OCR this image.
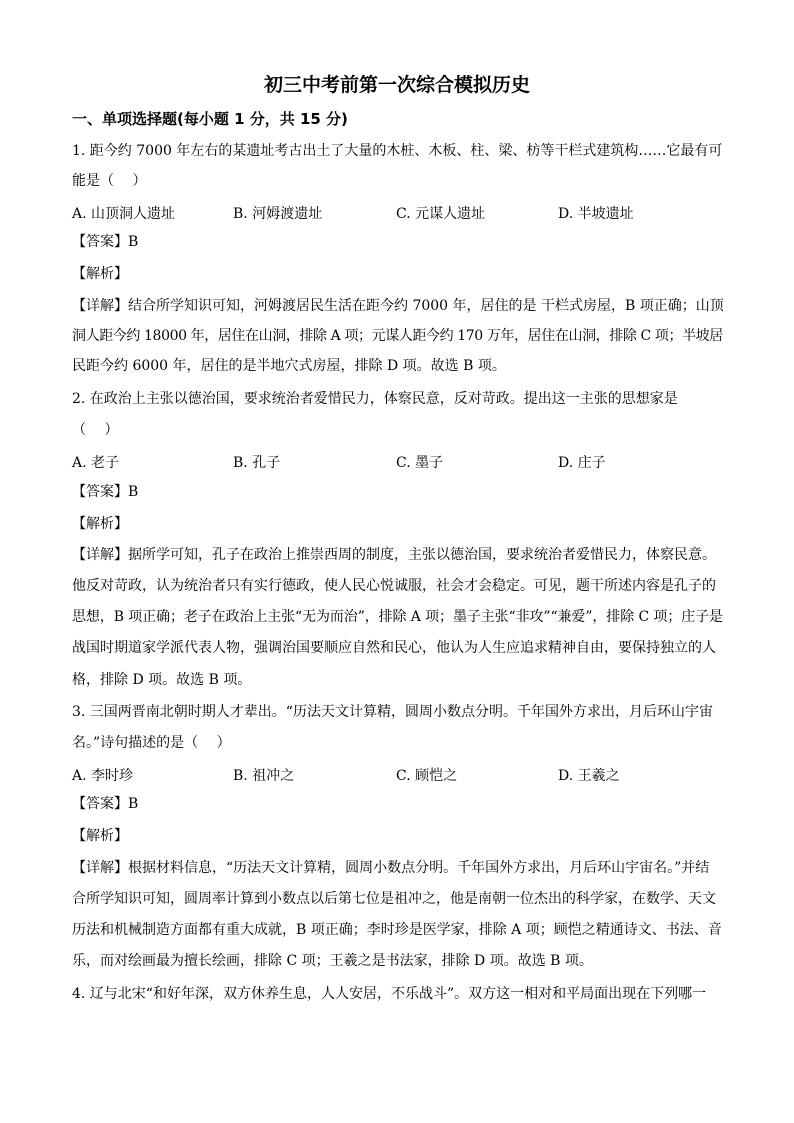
初三中考前第一次综合模拟历史
一、单项选择题(每小题 1 分，共 15 分)
1. 距今约 7000 年左右的某遗址考古出土了大量的木桩、木板、柱、梁、枋等干栏式建筑构……它最有可
能是（　 ）
A. 山顶洞人遗址	B. 河姆渡遗址	C. 元谋人遗址	D. 半坡遗址
【答案】B
【解析】
【详解】结合所学知识可知，河姆渡居民生活在距今约 7000 年，居住的是 干栏式房屋，B 项正确；山顶
洞人距今约 18000 年，居住在山洞，排除 A 项；元谋人距今约 170 万年，居住在山洞，排除 C 项；半坡居
民距今约 6000 年，居住的是半地穴式房屋，排除 D 项。故选 B 项。
2. 在政治上主张以德治国，要求统治者爱惜民力，体察民意，反对苛政。提出这一主张的思想家是
（　 ）
A. 老子	B. 孔子	C. 墨子	D. 庄子
【答案】B
【解析】
【详解】据所学可知，孔子在政治上推崇西周的制度，主张以德治国，要求统治者爱惜民力，体察民意。
他反对苛政，认为统治者只有实行德政，使人民心悦诚服，社会才会稳定。可见，题干所述内容是孔子的
思想，B 项正确；老子在政治上主张“无为而治”，排除 A 项；墨子主张“非攻”“兼爱”，排除 C 项；庄子是
战国时期道家学派代表人物，强调治国要顺应自然和民心，他认为人生应追求精神自由，要保持独立的人
格，排除 D 项。故选 B 项。
3. 三国两晋南北朝时期人才辈出。“历法天文计算精，圆周小数点分明。千年国外方求出，月后环山宇宙
名。”诗句描述的是（　 ）
A. 李时珍	B. 祖冲之	C. 顾恺之	D. 王羲之
【答案】B
【解析】
【详解】根据材料信息，“历法天文计算精，圆周小数点分明。千年国外方求出，月后环山宇宙名。”并结
合所学知识可知，圆周率计算到小数点以后第七位是祖冲之，他是南朝一位杰出的科学家，在数学、天文
历法和机械制造方面都有重大成就，B 项正确；李时珍是医学家，排除 A 项；顾恺之精通诗文、书法、音
乐，而对绘画最为擅长绘画，排除 C 项；王羲之是书法家，排除 D 项。故选 B 项。
4. 辽与北宋“和好年深，双方休养生息，人人安居，不乐战斗”。双方这一相对和平局面出现在下列哪一
